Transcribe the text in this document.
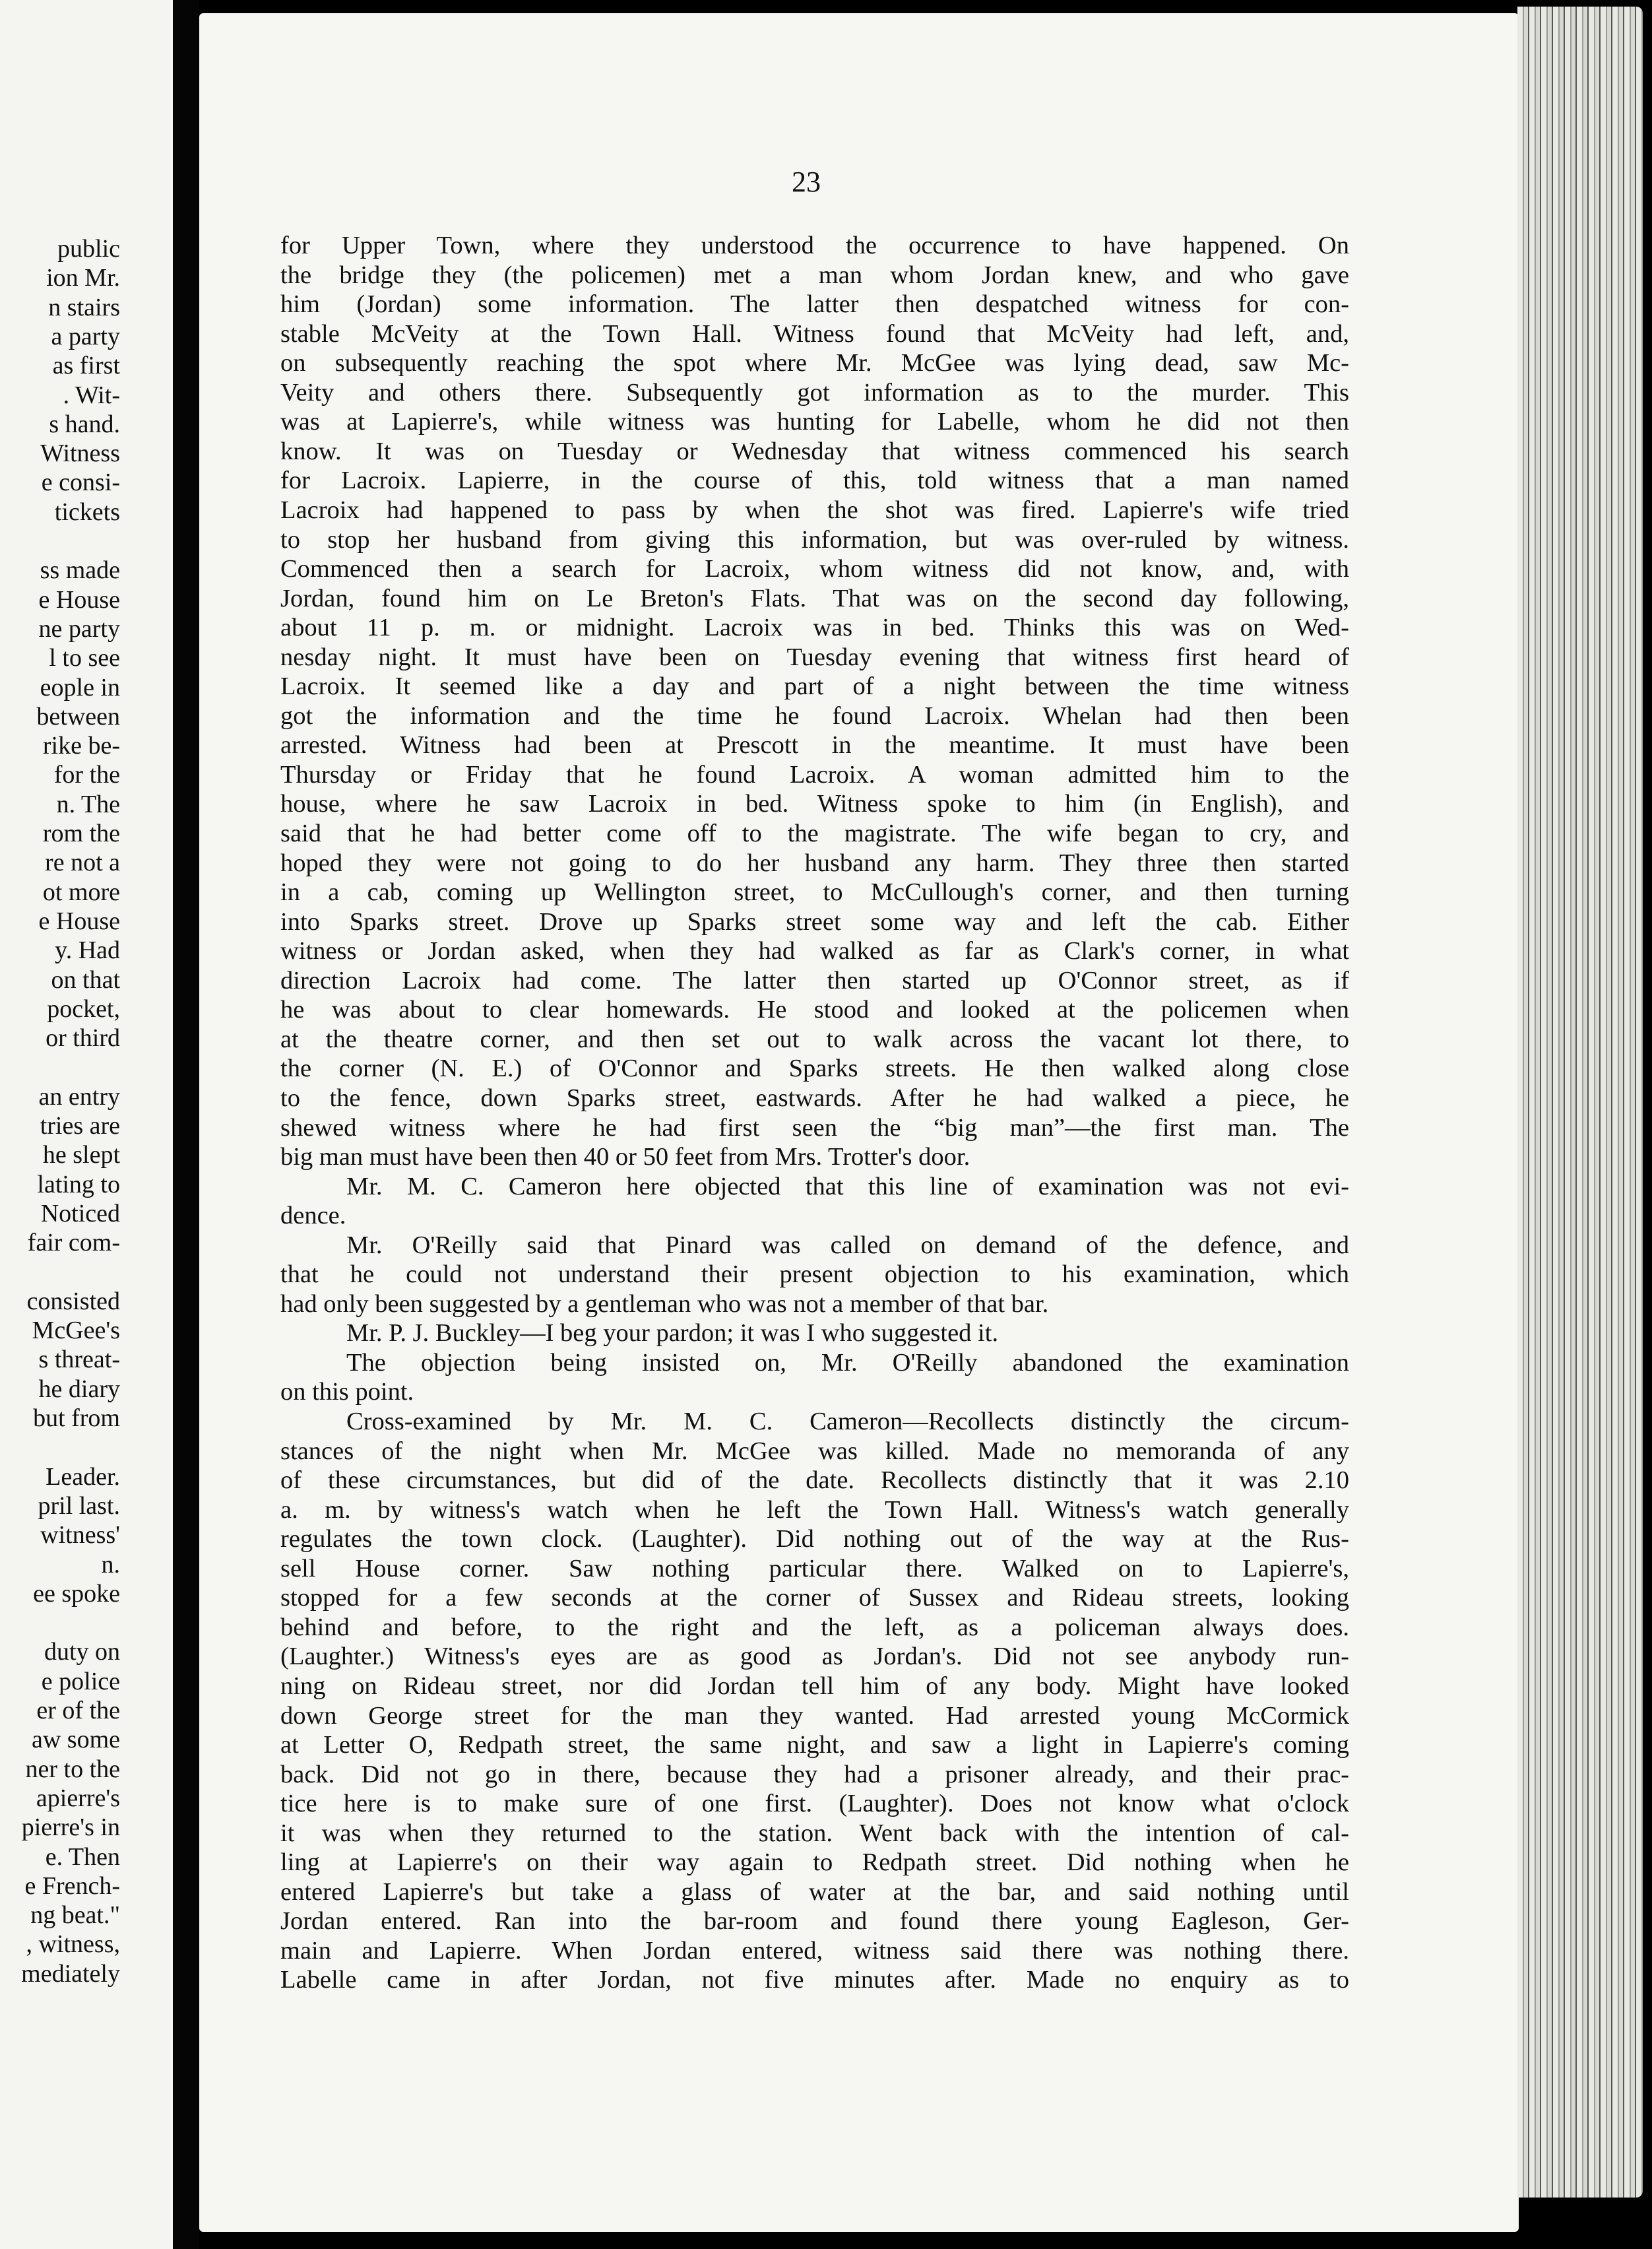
public
ion Mr.
n stairs
a party
as first
. Wit-
s hand.
Witness
e consi-
tickets
ss made
e House
ne party
l to see
eople in
between
rike be-
for the
n. The
rom the
re not a
ot more
e House
y. Had
on that
pocket,
or third
an entry
tries are
he slept
lating to
Noticed
fair com-
consisted
McGee's
s threat-
he diary
but from
Leader.
pril last.
witness'
n.
ee spoke
duty on
e police
er of the
aw some
ner to the
apierre's
pierre's in
e. Then
e French-
ng beat."
, witness,
mediately
23
for Upper Town, where they understood the occurrence to have happened. On
the bridge they (the policemen) met a man whom Jordan knew, and who gave
him (Jordan) some information. The latter then despatched witness for con-
stable McVeity at the Town Hall. Witness found that McVeity had left, and,
on subsequently reaching the spot where Mr. McGee was lying dead, saw Mc-
Veity and others there. Subsequently got information as to the murder. This
was at Lapierre's, while witness was hunting for Labelle, whom he did not then
know. It was on Tuesday or Wednesday that witness commenced his search
for Lacroix. Lapierre, in the course of this, told witness that a man named
Lacroix had happened to pass by when the shot was fired. Lapierre's wife tried
to stop her husband from giving this information, but was over-ruled by witness.
Commenced then a search for Lacroix, whom witness did not know, and, with
Jordan, found him on Le Breton's Flats. That was on the second day following,
about 11 p. m. or midnight. Lacroix was in bed. Thinks this was on Wed-
nesday night. It must have been on Tuesday evening that witness first heard of
Lacroix. It seemed like a day and part of a night between the time witness
got the information and the time he found Lacroix. Whelan had then been
arrested. Witness had been at Prescott in the meantime. It must have been
Thursday or Friday that he found Lacroix. A woman admitted him to the
house, where he saw Lacroix in bed. Witness spoke to him (in English), and
said that he had better come off to the magistrate. The wife began to cry, and
hoped they were not going to do her husband any harm. They three then started
in a cab, coming up Wellington street, to McCullough's corner, and then turning
into Sparks street. Drove up Sparks street some way and left the cab. Either
witness or Jordan asked, when they had walked as far as Clark's corner, in what
direction Lacroix had come. The latter then started up O'Connor street, as if
he was about to clear homewards. He stood and looked at the policemen when
at the theatre corner, and then set out to walk across the vacant lot there, to
the corner (N. E.) of O'Connor and Sparks streets. He then walked along close
to the fence, down Sparks street, eastwards. After he had walked a piece, he
shewed witness where he had first seen the “big man”—the first man. The
big man must have been then 40 or 50 feet from Mrs. Trotter's door.
Mr. M. C. Cameron here objected that this line of examination was not evi-
dence.
Mr. O'Reilly said that Pinard was called on demand of the defence, and
that he could not understand their present objection to his examination, which
had only been suggested by a gentleman who was not a member of that bar.
Mr. P. J. Buckley—I beg your pardon; it was I who suggested it.
The objection being insisted on, Mr. O'Reilly abandoned the examination
on this point.
Cross-examined by Mr. M. C. Cameron—Recollects distinctly the circum-
stances of the night when Mr. McGee was killed. Made no memoranda of any
of these circumstances, but did of the date. Recollects distinctly that it was 2.10
a. m. by witness's watch when he left the Town Hall. Witness's watch generally
regulates the town clock. (Laughter). Did nothing out of the way at the Rus-
sell House corner. Saw nothing particular there. Walked on to Lapierre's,
stopped for a few seconds at the corner of Sussex and Rideau streets, looking
behind and before, to the right and the left, as a policeman always does.
(Laughter.) Witness's eyes are as good as Jordan's. Did not see anybody run-
ning on Rideau street, nor did Jordan tell him of any body. Might have looked
down George street for the man they wanted. Had arrested young McCormick
at Letter O, Redpath street, the same night, and saw a light in Lapierre's coming
back. Did not go in there, because they had a prisoner already, and their prac-
tice here is to make sure of one first. (Laughter). Does not know what o'clock
it was when they returned to the station. Went back with the intention of cal-
ling at Lapierre's on their way again to Redpath street. Did nothing when he
entered Lapierre's but take a glass of water at the bar, and said nothing until
Jordan entered. Ran into the bar-room and found there young Eagleson, Ger-
main and Lapierre. When Jordan entered, witness said there was nothing there.
Labelle came in after Jordan, not five minutes after. Made no enquiry as to
